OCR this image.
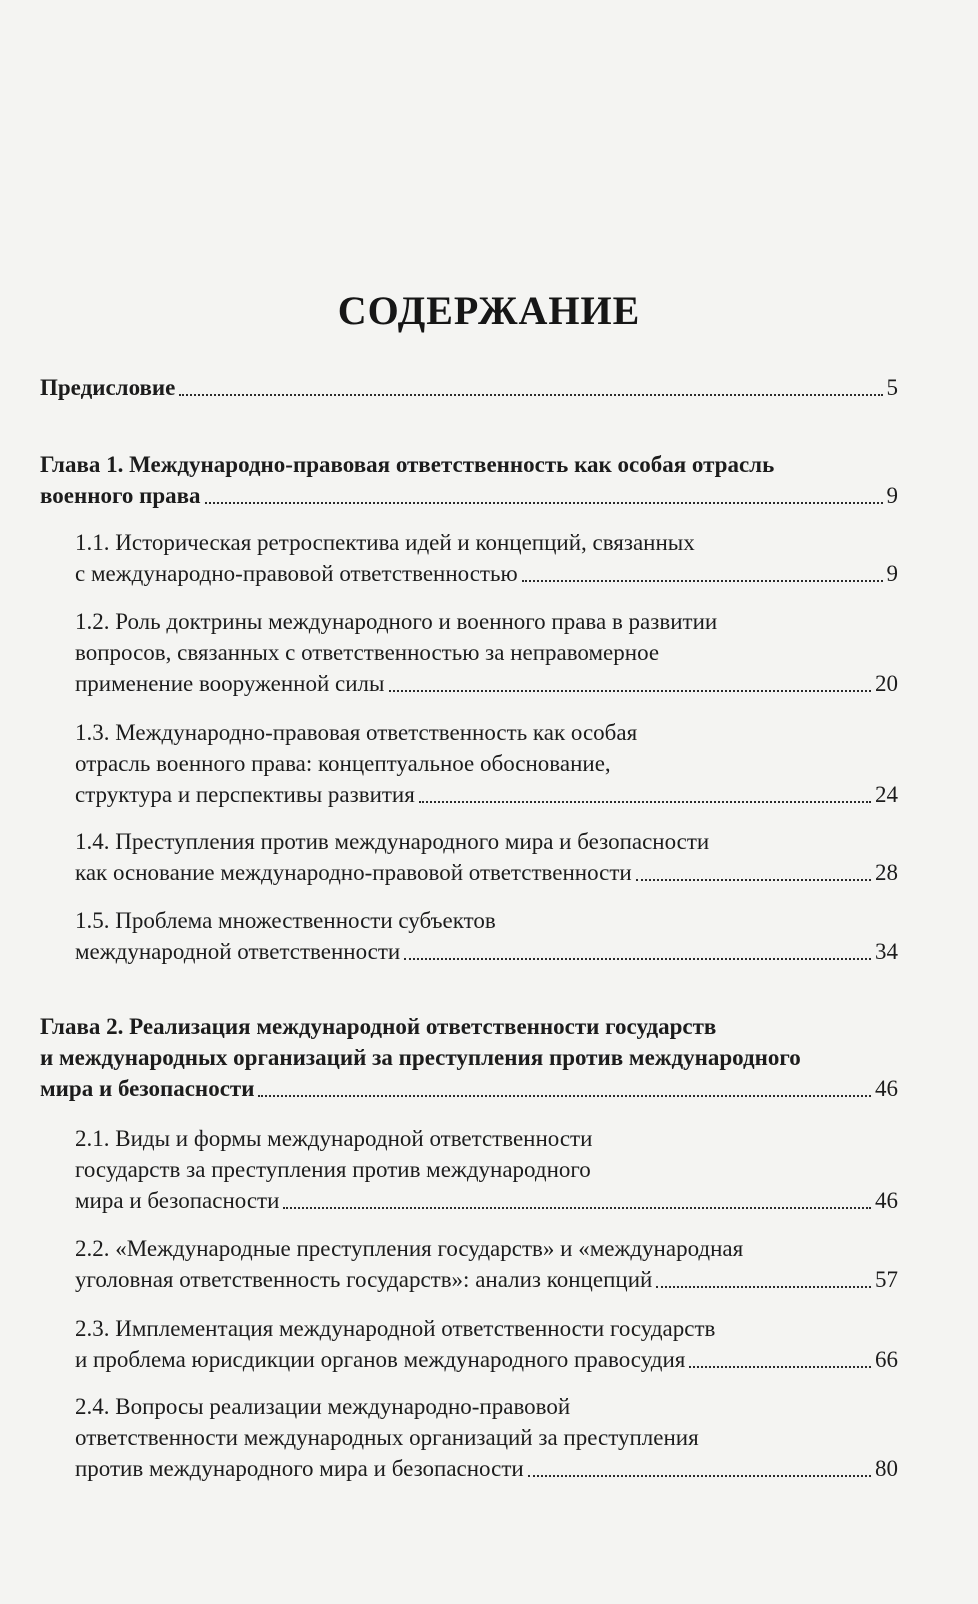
СОДЕРЖАНИЕ
Предисловие	5
Глава 1. Международно-правовая ответственность как особая отрасль
военного права	9
1.1. Историческая ретроспектива идей и концепций, связанных
с международно-правовой ответственностью	9
1.2. Роль доктрины международного и военного права в развитии
вопросов, связанных с ответственностью за неправомерное
применение вооруженной силы	20
1.3. Международно-правовая ответственность как особая
отрасль военного права: концептуальное обоснование,
структура и перспективы развития	24
1.4. Преступления против международного мира и безопасности
как основание международно-правовой ответственности	28
1.5. Проблема множественности субъектов
международной ответственности	34
Глава 2. Реализация международной ответственности государств
и международных организаций за преступления против международного
мира и безопасности	46
2.1. Виды и формы международной ответственности
государств за преступления против международного
мира и безопасности	46
2.2. «Международные преступления государств» и «международная
уголовная ответственность государств»: анализ концепций	57
2.3. Имплементация международной ответственности государств
и проблема юрисдикции органов международного правосудия	66
2.4. Вопросы реализации международно-правовой
ответственности международных организаций за преступления
против международного мира и безопасности	80
